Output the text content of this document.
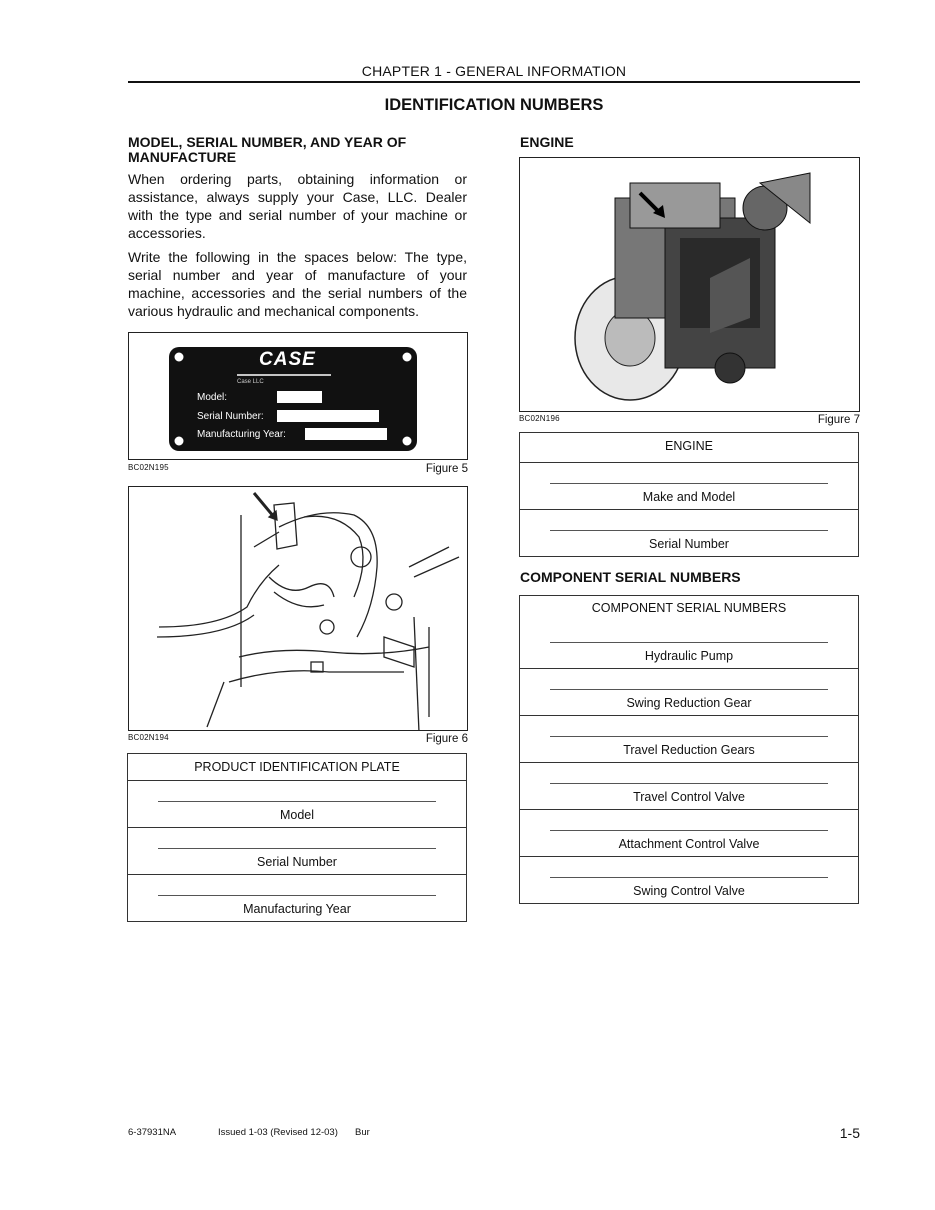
CHAPTER 1 - GENERAL INFORMATION
IDENTIFICATION NUMBERS
MODEL, SERIAL NUMBER, AND YEAR OF MANUFACTURE
When ordering parts, obtaining information or assistance, always supply your Case, LLC. Dealer with the type and serial number of your machine or accessories.
Write the following in the spaces below: The type, serial number and year of manufacture of your machine, accessories and the serial numbers of the various hydraulic and mechanical components.
CASE
Case LLC
Model:
Serial Number:
Manufacturing Year:
BC02N195	Figure 5
BC02N194	Figure 6
PRODUCT IDENTIFICATION PLATE

Model

Serial Number

Manufacturing Year
ENGINE
BC02N196	Figure 7
ENGINE

Make and Model

Serial Number
COMPONENT SERIAL NUMBERS
COMPONENT SERIAL NUMBERS
Hydraulic Pump

Swing Reduction Gear

Travel Reduction Gears

Travel Control Valve

Attachment Control Valve

Swing Control Valve
6-37931NA	Issued 1-03 (Revised 12-03) Bur	1-5
